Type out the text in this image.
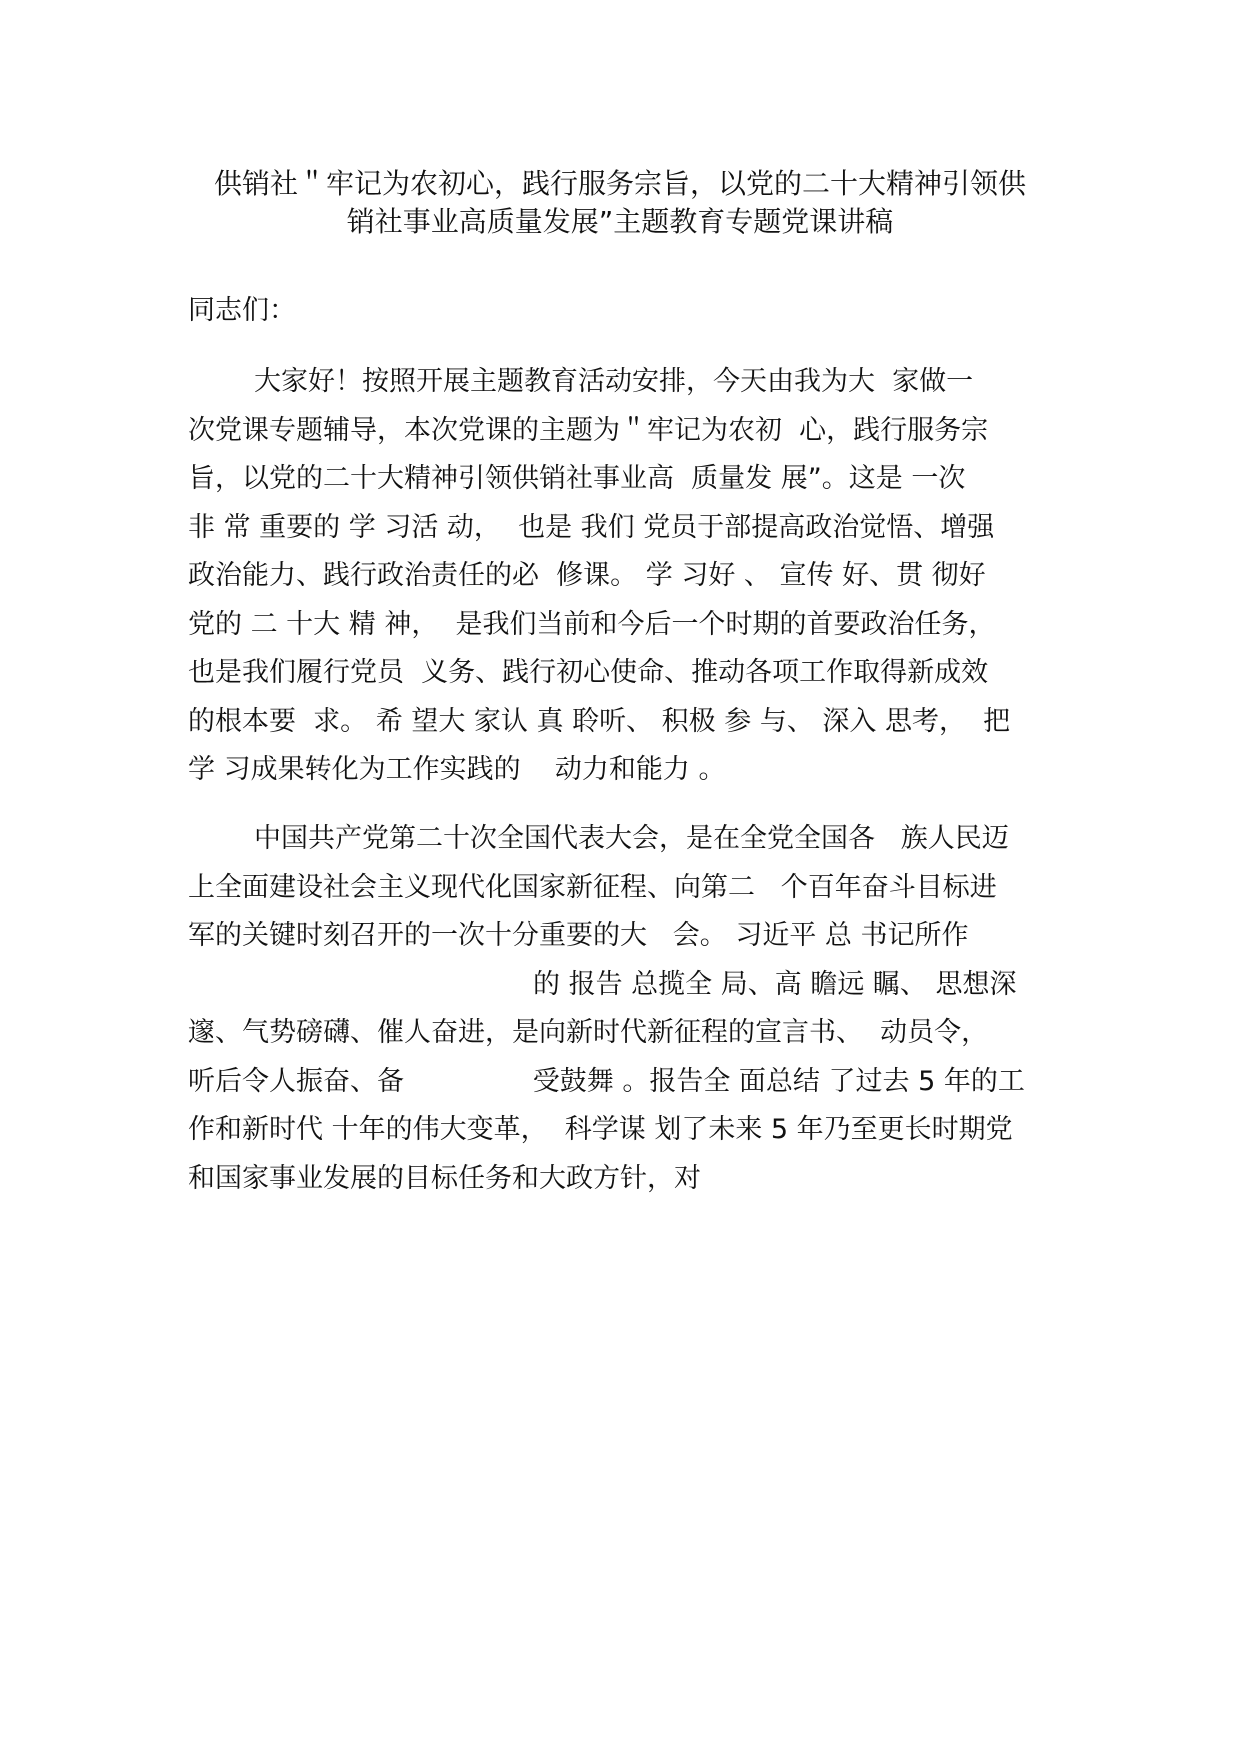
供销社＂牢记为农初心，践行服务宗旨，以党的二十大精神引领供
销社事业高质量发展”主题教育专题党课讲稿
同志们：
大家好！按照开展主题教育活动安排，今天由我为大  家做一
次党课专题辅导，本次党课的主题为＂牢记为农初  心，践行服务宗
旨，以党的二十大精神引领供销社事业高  质量发 展”。这是 一次
非 常 重要的 学 习活 动，  也是 我们 党员于部提高政治觉悟、增强
政治能力、践行政治责任的必  修课。 学 习好 、 宣传 好、贯 彻好
党的 二 十大 精 神，  是我们当前和今后一个时期的首要政治任务，
也是我们履行党员  义务、践行初心使命、推动各项工作取得新成效
的根本要  求。 希 望大 家认 真 聆听、 积极 参 与、 深入 思考，  把
学 习成果转化为工作实践的    动力和能力 。
中国共产党第二十次全国代表大会，是在全党全国各   族人民迈
上全面建设社会主义现代化国家新征程、向第二   个百年奋斗目标进
军的关键时刻召开的一次十分重要的大   会。 习近平 总 书记所作
的 报告 总揽全 局、高 瞻远 瞩、 思想深
邃、气势磅礴、催人奋进，是向新时代新征程的宣言书、  动员令，
听后令人振奋、备               受鼓舞 。报告全 面总结 了过去 5 年的工
作和新时代 十年的伟大变革，  科学谋 划了未来 5 年乃至更长时期党
和国家事业发展的目标任务和大政方针，对
